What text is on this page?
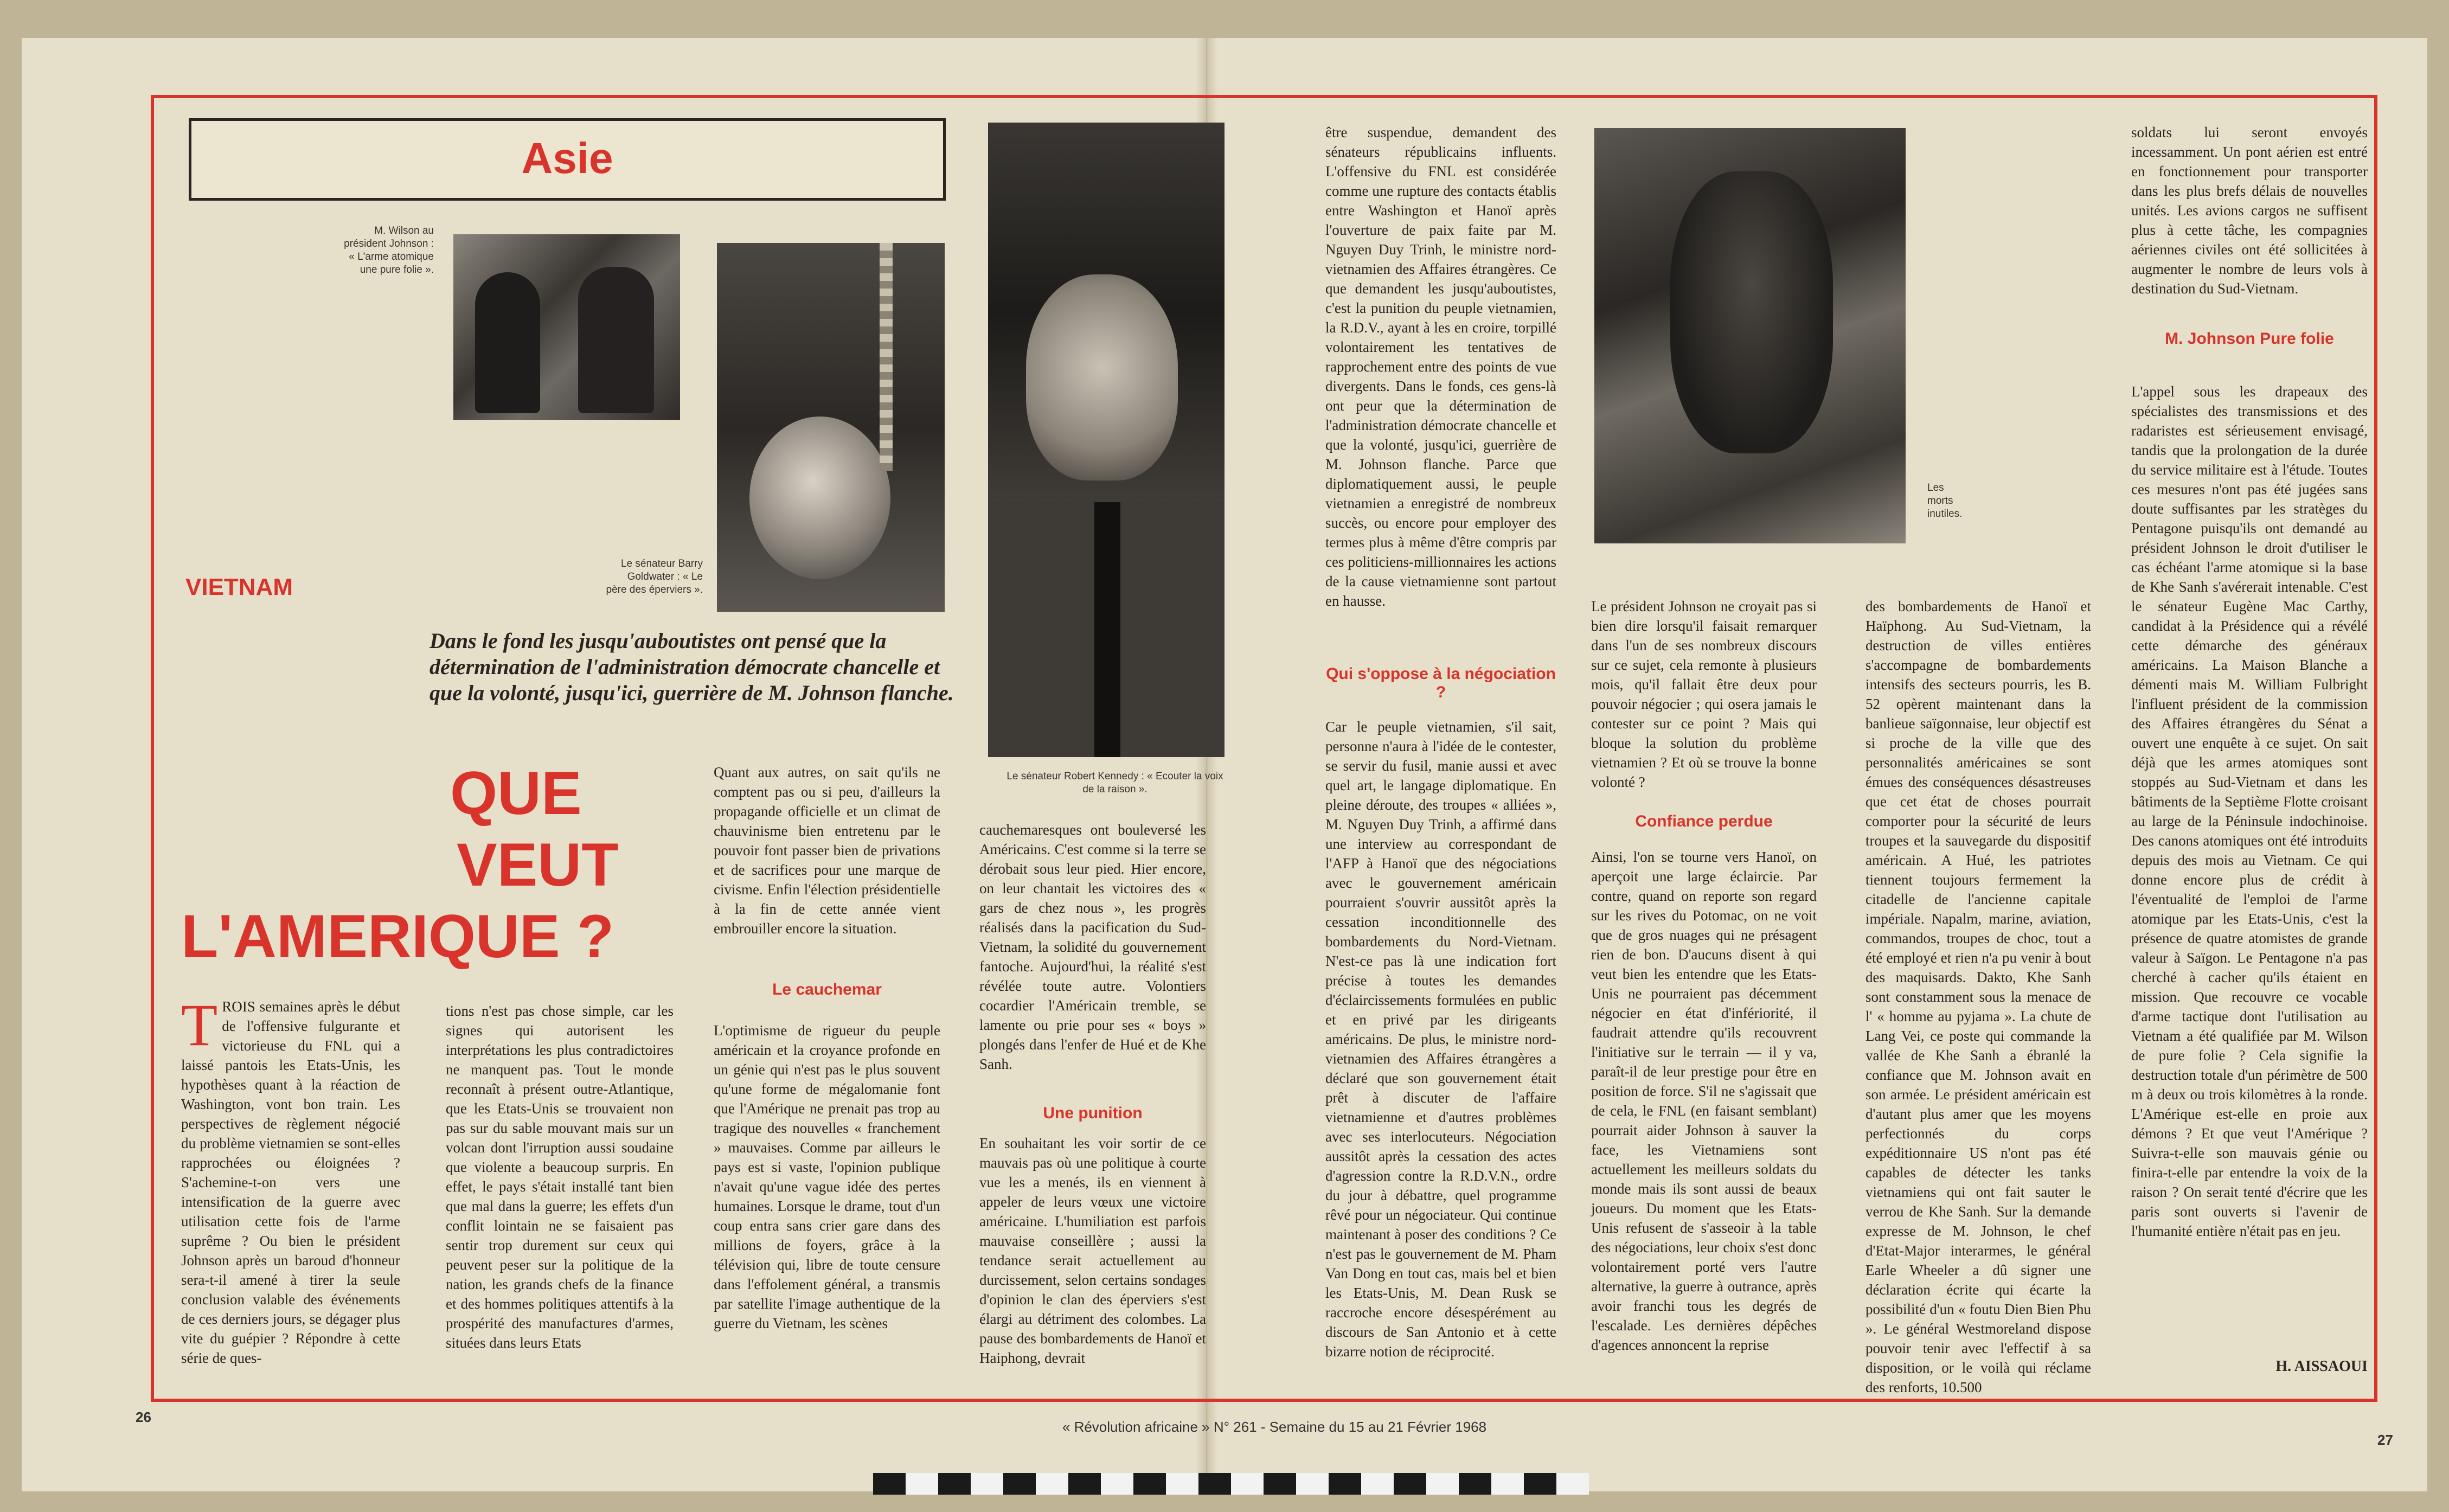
Asie
M. Wilson au président Johnson : « L'arme atomique une pure folie ».
Le sénateur Barry Goldwater : « Le père des éperviers ».
Le sénateur Robert Kennedy : « Ecouter la voix de la raison ».
Les morts inutiles.
VIETNAM
Dans le fond les jusqu'auboutistes ont pensé que la détermination de l'administration démocrate chancelle et que la volonté, jusqu'ici, guerrière de M. Johnson flanche.
QUE
VEUT
L'AMERIQUE ?
TROIS semaines après le début de l'offensive fulgurante et victorieuse du FNL qui a laissé pantois les Etats-Unis, les hypothèses quant à la réaction de Washington, vont bon train. Les perspectives de règlement négocié du problème vietnamien se sont-elles rapprochées ou éloignées ? S'achemine-t-on vers une intensification de la guerre avec utilisation cette fois de l'arme suprême ? Ou bien le président Johnson après un baroud d'honneur sera-t-il amené à tirer la seule conclusion valable des événements de ces derniers jours, se dégager plus vite du guépier ? Répondre à cette série de ques-
tions n'est pas chose simple, car les signes qui autorisent les interprétations les plus contradictoires ne manquent pas. Tout le monde reconnaît à présent outre-Atlantique, que les Etats-Unis se trouvaient non pas sur du sable mouvant mais sur un volcan dont l'irruption aussi soudaine que violente a beaucoup surpris. En effet, le pays s'était installé tant bien que mal dans la guerre; les effets d'un conflit lointain ne se faisaient pas sentir trop durement sur ceux qui peuvent peser sur la politique de la nation, les grands chefs de la finance et des hommes politiques attentifs à la prospérité des manufactures d'armes, situées dans leurs Etats
Quant aux autres, on sait qu'ils ne comptent pas ou si peu, d'ailleurs la propagande officielle et un climat de chauvinisme bien entretenu par le pouvoir font passer bien de privations et de sacrifices pour une marque de civisme. Enfin l'élection présidentielle à la fin de cette année vient embrouiller encore la situation.
Le cauchemar
L'optimisme de rigueur du peuple américain et la croyance profonde en un génie qui n'est pas le plus souvent qu'une forme de mégalomanie font que l'Amérique ne prenait pas trop au tragique des nouvelles « franchement » mauvaises. Comme par ailleurs le pays est si vaste, l'opinion publique n'avait qu'une vague idée des pertes humaines. Lorsque le drame, tout d'un coup entra sans crier gare dans des millions de foyers, grâce à la télévision qui, libre de toute censure dans l'effolement général, a transmis par satellite l'image authentique de la guerre du Vietnam, les scènes
cauchemaresques ont bouleversé les Américains. C'est comme si la terre se dérobait sous leur pied. Hier encore, on leur chantait les victoires des « gars de chez nous », les progrès réalisés dans la pacification du Sud-Vietnam, la solidité du gouvernement fantoche. Aujourd'hui, la réalité s'est révélée toute autre. Volontiers cocardier l'Américain tremble, se lamente ou prie pour ses « boys » plongés dans l'enfer de Hué et de Khe Sanh.
Une punition
En souhaitant les voir sortir de ce mauvais pas où une politique à courte vue les a menés, ils en viennent à appeler de leurs vœux une victoire américaine. L'humiliation est parfois mauvaise conseillère ; aussi la tendance serait actuellement au durcissement, selon certains sondages d'opinion le clan des éperviers s'est élargi au détriment des colombes. La pause des bombardements de Hanoï et Haiphong, devrait
être suspendue, demandent des sénateurs républicains influents. L'offensive du FNL est considérée comme une rupture des contacts établis entre Washington et Hanoï après l'ouverture de paix faite par M. Nguyen Duy Trinh, le ministre nord-vietnamien des Affaires étrangères. Ce que demandent les jusqu'auboutistes, c'est la punition du peuple vietnamien, la R.D.V., ayant à les en croire, torpillé volontairement les tentatives de rapprochement entre des points de vue divergents. Dans le fonds, ces gens-là ont peur que la détermination de l'administration démocrate chancelle et que la volonté, jusqu'ici, guerrière de M. Johnson flanche. Parce que diplomatiquement aussi, le peuple vietnamien a enregistré de nombreux succès, ou encore pour employer des termes plus à même d'être compris par ces politiciens-millionnaires les actions de la cause vietnamienne sont partout en hausse.
Qui s'oppose à la négociation ?
Car le peuple vietnamien, s'il sait, personne n'aura à l'idée de le contester, se servir du fusil, manie aussi et avec quel art, le langage diplomatique. En pleine déroute, des troupes « alliées », M. Nguyen Duy Trinh, a affirmé dans une interview au correspondant de l'AFP à Hanoï que des négociations avec le gouvernement américain pourraient s'ouvrir aussitôt après la cessation inconditionnelle des bombardements du Nord-Vietnam. N'est-ce pas là une indication fort précise à toutes les demandes d'éclaircissements formulées en public et en privé par les dirigeants américains. De plus, le ministre nord-vietnamien des Affaires étrangères a déclaré que son gouvernement était prêt à discuter de l'affaire vietnamienne et d'autres problèmes avec ses interlocuteurs. Négociation aussitôt après la cessation des actes d'agression contre la R.D.V.N., ordre du jour à débattre, quel programme rêvé pour un négociateur. Qui continue maintenant à poser des conditions ? Ce n'est pas le gouvernement de M. Pham Van Dong en tout cas, mais bel et bien les Etats-Unis, M. Dean Rusk se raccroche encore désespérément au discours de San Antonio et à cette bizarre notion de réciprocité.
Le président Johnson ne croyait pas si bien dire lorsqu'il faisait remarquer dans l'un de ses nombreux discours sur ce sujet, cela remonte à plusieurs mois, qu'il fallait être deux pour pouvoir négocier ; qui osera jamais le contester sur ce point ? Mais qui bloque la solution du problème vietnamien ? Et où se trouve la bonne volonté ?
Confiance perdue
Ainsi, l'on se tourne vers Hanoï, on aperçoit une large éclaircie. Par contre, quand on reporte son regard sur les rives du Potomac, on ne voit que de gros nuages qui ne présagent rien de bon. D'aucuns disent à qui veut bien les entendre que les Etats-Unis ne pourraient pas décemment négocier en état d'infériorité, il faudrait attendre qu'ils recouvrent l'initiative sur le terrain — il y va, paraît-il de leur prestige pour être en position de force. S'il ne s'agissait que de cela, le FNL (en faisant semblant) pourrait aider Johnson à sauver la face, les Vietnamiens sont actuellement les meilleurs soldats du monde mais ils sont aussi de beaux joueurs. Du moment que les Etats-Unis refusent de s'asseoir à la table des négociations, leur choix s'est donc volontairement porté vers l'autre alternative, la guerre à outrance, après avoir franchi tous les degrés de l'escalade. Les dernières dépêches d'agences annoncent la reprise
des bombardements de Hanoï et Haïphong. Au Sud-Vietnam, la destruction de villes entières s'accompagne de bombardements intensifs des secteurs pourris, les B. 52 opèrent maintenant dans la banlieue saïgonnaise, leur objectif est si proche de la ville que des personnalités américaines se sont émues des conséquences désastreuses que cet état de choses pourrait comporter pour la sécurité de leurs troupes et la sauvegarde du dispositif américain. A Hué, les patriotes tiennent toujours fermement la citadelle de l'ancienne capitale impériale. Napalm, marine, aviation, commandos, troupes de choc, tout a été employé et rien n'a pu venir à bout des maquisards. Dakto, Khe Sanh sont constamment sous la menace de l' « homme au pyjama ». La chute de Lang Vei, ce poste qui commande la vallée de Khe Sanh a ébranlé la confiance que M. Johnson avait en son armée. Le président américain est d'autant plus amer que les moyens perfectionnés du corps expéditionnaire US n'ont pas été capables de détecter les tanks vietnamiens qui ont fait sauter le verrou de Khe Sanh. Sur la demande expresse de M. Johnson, le chef d'Etat-Major interarmes, le général Earle Wheeler a dû signer une déclaration écrite qui écarte la possibilité d'un « foutu Dien Bien Phu ». Le général Westmoreland dispose pouvoir tenir avec l'effectif à sa disposition, or le voilà qui réclame des renforts, 10.500
soldats lui seront envoyés incessamment. Un pont aérien est entré en fonctionnement pour transporter dans les plus brefs délais de nouvelles unités. Les avions cargos ne suffisent plus à cette tâche, les compagnies aériennes civiles ont été sollicitées à augmenter le nombre de leurs vols à destination du Sud-Vietnam.
M. Johnson Pure folie
L'appel sous les drapeaux des spécialistes des transmissions et des radaristes est sérieusement envisagé, tandis que la prolongation de la durée du service militaire est à l'étude. Toutes ces mesures n'ont pas été jugées sans doute suffisantes par les stratèges du Pentagone puisqu'ils ont demandé au président Johnson le droit d'utiliser le cas échéant l'arme atomique si la base de Khe Sanh s'avérerait intenable. C'est le sénateur Eugène Mac Carthy, candidat à la Présidence qui a révélé cette démarche des généraux américains. La Maison Blanche a démenti mais M. William Fulbright l'influent président de la commission des Affaires étrangères du Sénat a ouvert une enquête à ce sujet. On sait déjà que les armes atomiques sont stoppés au Sud-Vietnam et dans les bâtiments de la Septième Flotte croisant au large de la Péninsule indochinoise. Des canons atomiques ont été introduits depuis des mois au Vietnam. Ce qui donne encore plus de crédit à l'éventualité de l'emploi de l'arme atomique par les Etats-Unis, c'est la présence de quatre atomistes de grande valeur à Saïgon. Le Pentagone n'a pas cherché à cacher qu'ils étaient en mission. Que recouvre ce vocable d'arme tactique dont l'utilisation au Vietnam a été qualifiée par M. Wilson de pure folie ? Cela signifie la destruction totale d'un périmètre de 500 m à deux ou trois kilomètres à la ronde. L'Amérique est-elle en proie aux démons ? Et que veut l'Amérique ? Suivra-t-elle son mauvais génie ou finira-t-elle par entendre la voix de la raison ? On serait tenté d'écrire que les paris sont ouverts si l'avenir de l'humanité entière n'était pas en jeu.
H. AISSAOUI
26
« Révolution africaine » N° 261 - Semaine du 15 au 21 Février 1968
27
